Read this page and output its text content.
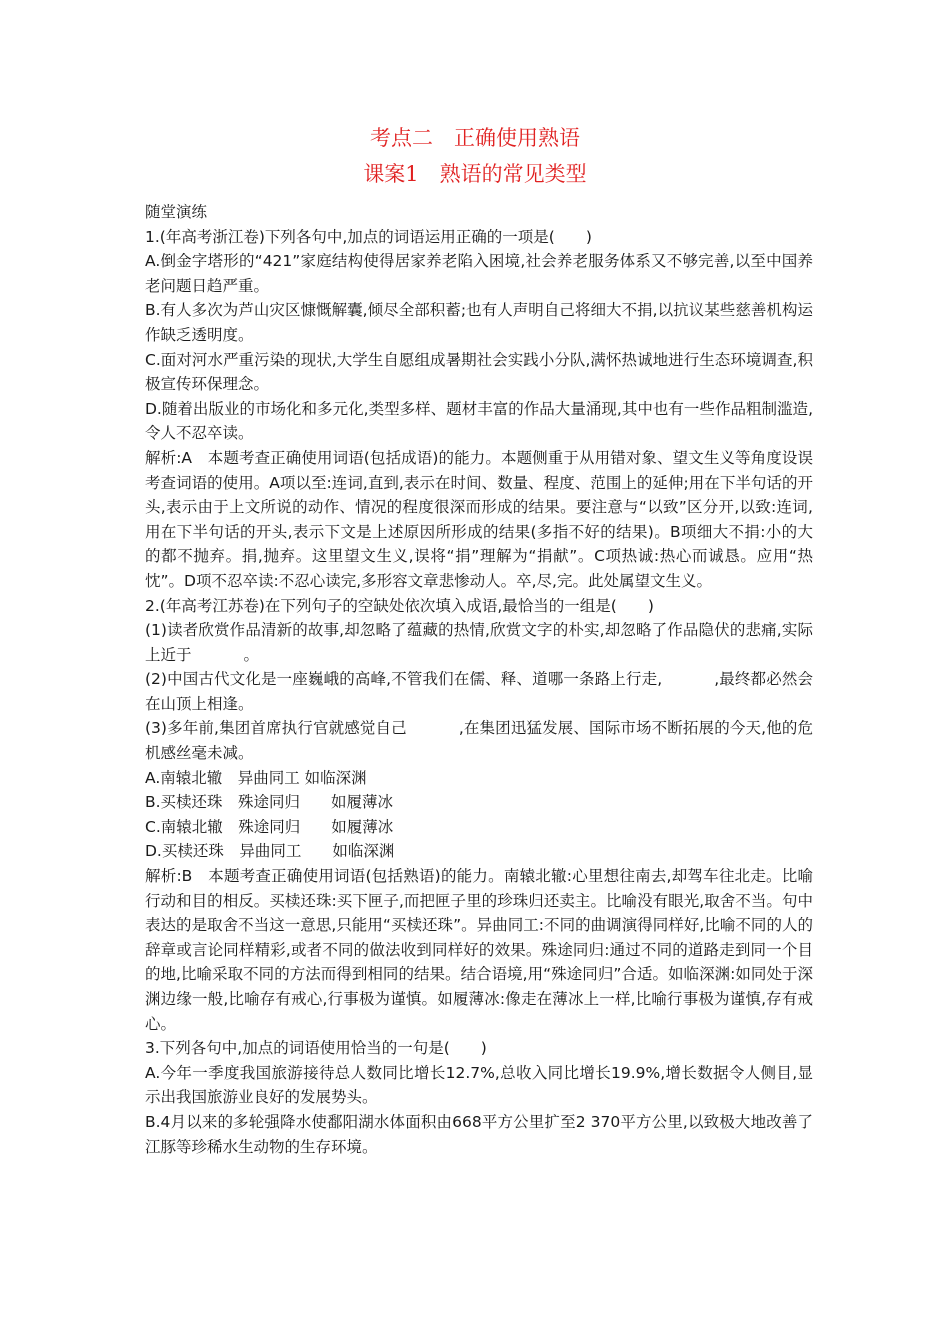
考点二　正确使用熟语
课案1　熟语的常见类型

随堂演练

1.(年高考浙江卷)下列各句中,加点的词语运用正确的一项是(　　)

A.倒金字塔形的“421”家庭结构使得居家养老陷入困境,社会养老服务体系又不够完善,以至中国养老问题日趋严重。

B.有人多次为芦山灾区慷慨解囊,倾尽全部积蓄;也有人声明自己将细大不捐,以抗议某些慈善机构运作缺乏透明度。

C.面对河水严重污染的现状,大学生自愿组成暑期社会实践小分队,满怀热诚地进行生态环境调查,积极宣传环保理念。

D.随着出版业的市场化和多元化,类型多样、题材丰富的作品大量涌现,其中也有一些作品粗制滥造,令人不忍卒读。

解析:A　本题考查正确使用词语(包括成语)的能力。本题侧重于从用错对象、望文生义等角度设误考查词语的使用。A项以至:连词,直到,表示在时间、数量、程度、范围上的延伸;用在下半句话的开头,表示由于上文所说的动作、情况的程度很深而形成的结果。要注意与“以致”区分开,以致:连词,用在下半句话的开头,表示下文是上述原因所形成的结果(多指不好的结果)。B项细大不捐:小的大的都不抛弃。捐,抛弃。这里望文生义,误将“捐”理解为“捐献”。C项热诚:热心而诚恳。应用“热忱”。D项不忍卒读:不忍心读完,多形容文章悲惨动人。卒,尽,完。此处属望文生义。

2.(年高考江苏卷)在下列句子的空缺处依次填入成语,最恰当的一组是(　　)

(1)读者欣赏作品清新的故事,却忽略了蕴藏的热情,欣赏文字的朴实,却忽略了作品隐伏的悲痛,实际上近于	。

(2)中国古代文化是一座巍峨的高峰,不管我们在儒、释、道哪一条路上行走,	,最终都必然会在山顶上相逢。

(3)多年前,集团首席执行官就感觉自己	,在集团迅猛发展、国际市场不断拓展的今天,他的危机感丝毫未减。

A.南辕北辙　异曲同工 如临深渊

B.买椟还珠　殊途同归　　如履薄冰

C.南辕北辙　殊途同归　　如履薄冰

D.买椟还珠　异曲同工　　如临深渊

解析:B　本题考查正确使用词语(包括熟语)的能力。南辕北辙:心里想往南去,却驾车往北走。比喻行动和目的相反。买椟还珠:买下匣子,而把匣子里的珍珠归还卖主。比喻没有眼光,取舍不当。句中表达的是取舍不当这一意思,只能用“买椟还珠”。异曲同工:不同的曲调演得同样好,比喻不同的人的辞章或言论同样精彩,或者不同的做法收到同样好的效果。殊途同归:通过不同的道路走到同一个目的地,比喻采取不同的方法而得到相同的结果。结合语境,用“殊途同归”合适。如临深渊:如同处于深渊边缘一般,比喻存有戒心,行事极为谨慎。如履薄冰:像走在薄冰上一样,比喻行事极为谨慎,存有戒心。

3.下列各句中,加点的词语使用恰当的一句是(　　)

A.今年一季度我国旅游接待总人数同比增长12.7%,总收入同比增长19.9%,增长数据令人侧目,显示出我国旅游业良好的发展势头。

B.4月以来的多轮强降水使鄱阳湖水体面积由668平方公里扩至2 370平方公里,以致极大地改善了江豚等珍稀水生动物的生存环境。
